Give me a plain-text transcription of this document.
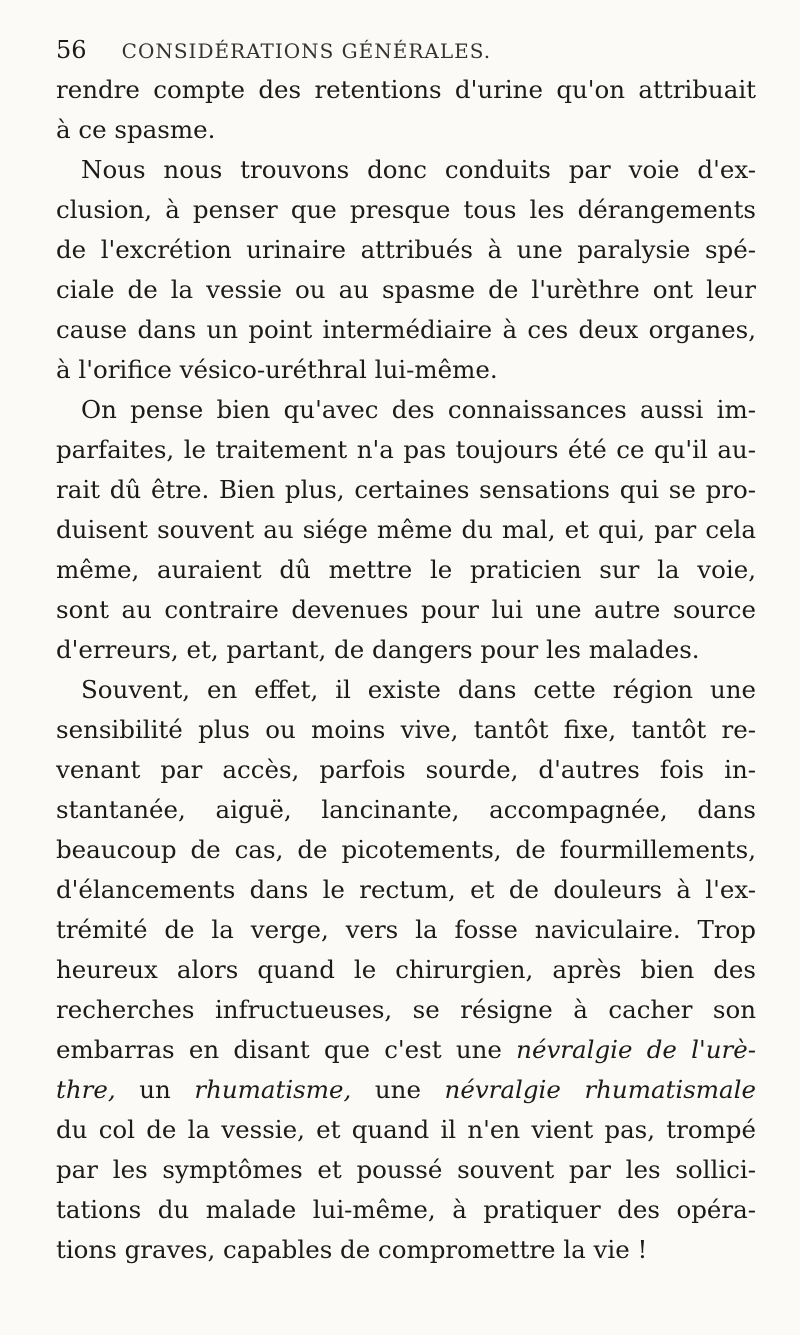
56 CONSIDÉRATIONS GÉNÉRALES.
rendre compte des retentions d'urine qu'on attribuait
à ce spasme.
Nous nous trouvons donc conduits par voie d'ex-
clusion, à penser que presque tous les dérangements
de l'excrétion urinaire attribués à une paralysie spé-
ciale de la vessie ou au spasme de l'urèthre ont leur
cause dans un point intermédiaire à ces deux organes,
à l'orifice vésico-uréthral lui-même.
On pense bien qu'avec des connaissances aussi im-
parfaites, le traitement n'a pas toujours été ce qu'il au-
rait dû être. Bien plus, certaines sensations qui se pro-
duisent souvent au siége même du mal, et qui, par cela
même, auraient dû mettre le praticien sur la voie,
sont au contraire devenues pour lui une autre source
d'erreurs, et, partant, de dangers pour les malades.
Souvent, en effet, il existe dans cette région une
sensibilité plus ou moins vive, tantôt fixe, tantôt re-
venant par accès, parfois sourde, d'autres fois in-
stantanée, aiguë, lancinante, accompagnée, dans
beaucoup de cas, de picotements, de fourmillements,
d'élancements dans le rectum, et de douleurs à l'ex-
trémité de la verge, vers la fosse naviculaire. Trop
heureux alors quand le chirurgien, après bien des
recherches infructueuses, se résigne à cacher son
embarras en disant que c'est une névralgie de l'urè-
thre, un rhumatisme, une névralgie rhumatismale
du col de la vessie, et quand il n'en vient pas, trompé
par les symptômes et poussé souvent par les sollici-
tations du malade lui-même, à pratiquer des opéra-
tions graves, capables de compromettre la vie !
